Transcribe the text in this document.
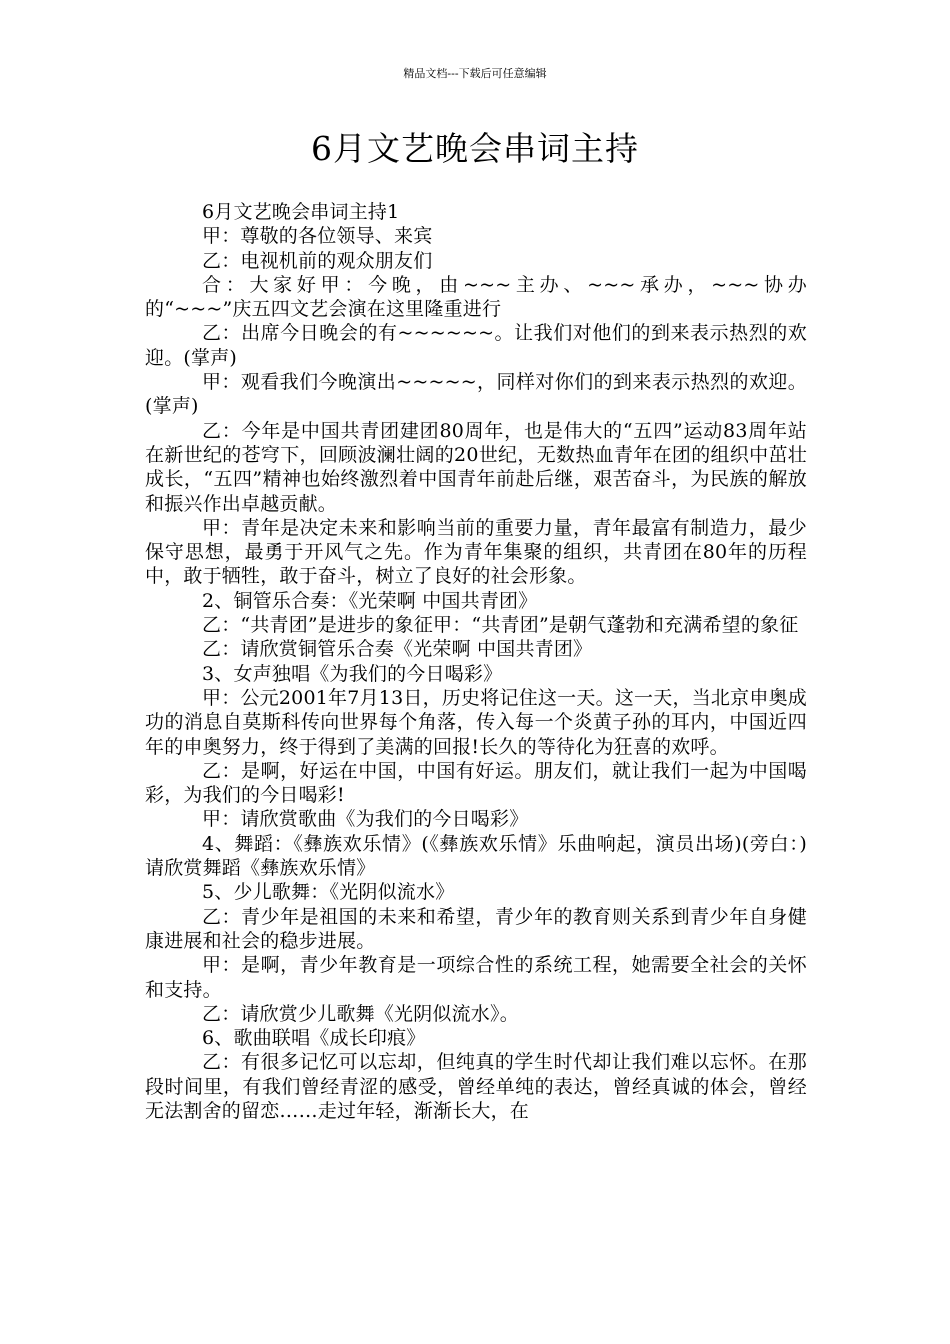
精品文档---下载后可任意编辑
6月文艺晚会串词主持

6月文艺晚会串词主持1

甲：尊敬的各位领导、来宾

乙：电视机前的观众朋友们

合：大家好甲：今晚，由~~~主办、~~~承办，~~~协办的“~~~”庆五四文艺会演在这里隆重进行

乙：出席今日晚会的有~~~~~~。让我们对他们的到来表示热烈的欢迎。(掌声)

甲：观看我们今晚演出~~~~~，同样对你们的到来表示热烈的欢迎。(掌声)

乙：今年是中国共青团建团80周年，也是伟大的“五四”运动83周年站在新世纪的苍穹下，回顾波澜壮阔的20世纪，无数热血青年在团的组织中茁壮成长，“五四”精神也始终激烈着中国青年前赴后继，艰苦奋斗，为民族的解放和振兴作出卓越贡献。

甲：青年是决定未来和影响当前的重要力量，青年最富有制造力，最少保守思想，最勇于开风气之先。作为青年集聚的组织，共青团在80年的历程中，敢于牺牲，敢于奋斗，树立了良好的社会形象。

2、铜管乐合奏：《光荣啊 中国共青团》

乙：“共青团”是进步的象征甲：“共青团”是朝气蓬勃和充满希望的象征

乙：请欣赏铜管乐合奏《光荣啊 中国共青团》

3、女声独唱《为我们的今日喝彩》

甲：公元2001年7月13日，历史将记住这一天。这一天，当北京申奥成功的消息自莫斯科传向世界每个角落，传入每一个炎黄子孙的耳内，中国近四年的申奥努力，终于得到了美满的回报!长久的等待化为狂喜的欢呼。

乙：是啊，好运在中国，中国有好运。朋友们，就让我们一起为中国喝彩，为我们的今日喝彩!

甲：请欣赏歌曲《为我们的今日喝彩》

4、舞蹈：《彝族欢乐情》(《彝族欢乐情》乐曲响起，演员出场)(旁白：)请欣赏舞蹈《彝族欢乐情》

5、少儿歌舞：《光阴似流水》

乙：青少年是祖国的未来和希望，青少年的教育则关系到青少年自身健康进展和社会的稳步进展。

甲：是啊，青少年教育是一项综合性的系统工程，她需要全社会的关怀和支持。

乙：请欣赏少儿歌舞《光阴似流水》。

6、歌曲联唱《成长印痕》

乙：有很多记忆可以忘却，但纯真的学生时代却让我们难以忘怀。在那段时间里，有我们曾经青涩的感受，曾经单纯的表达，曾经真诚的体会，曾经无法割舍的留恋……走过年轻，渐渐长大，在
